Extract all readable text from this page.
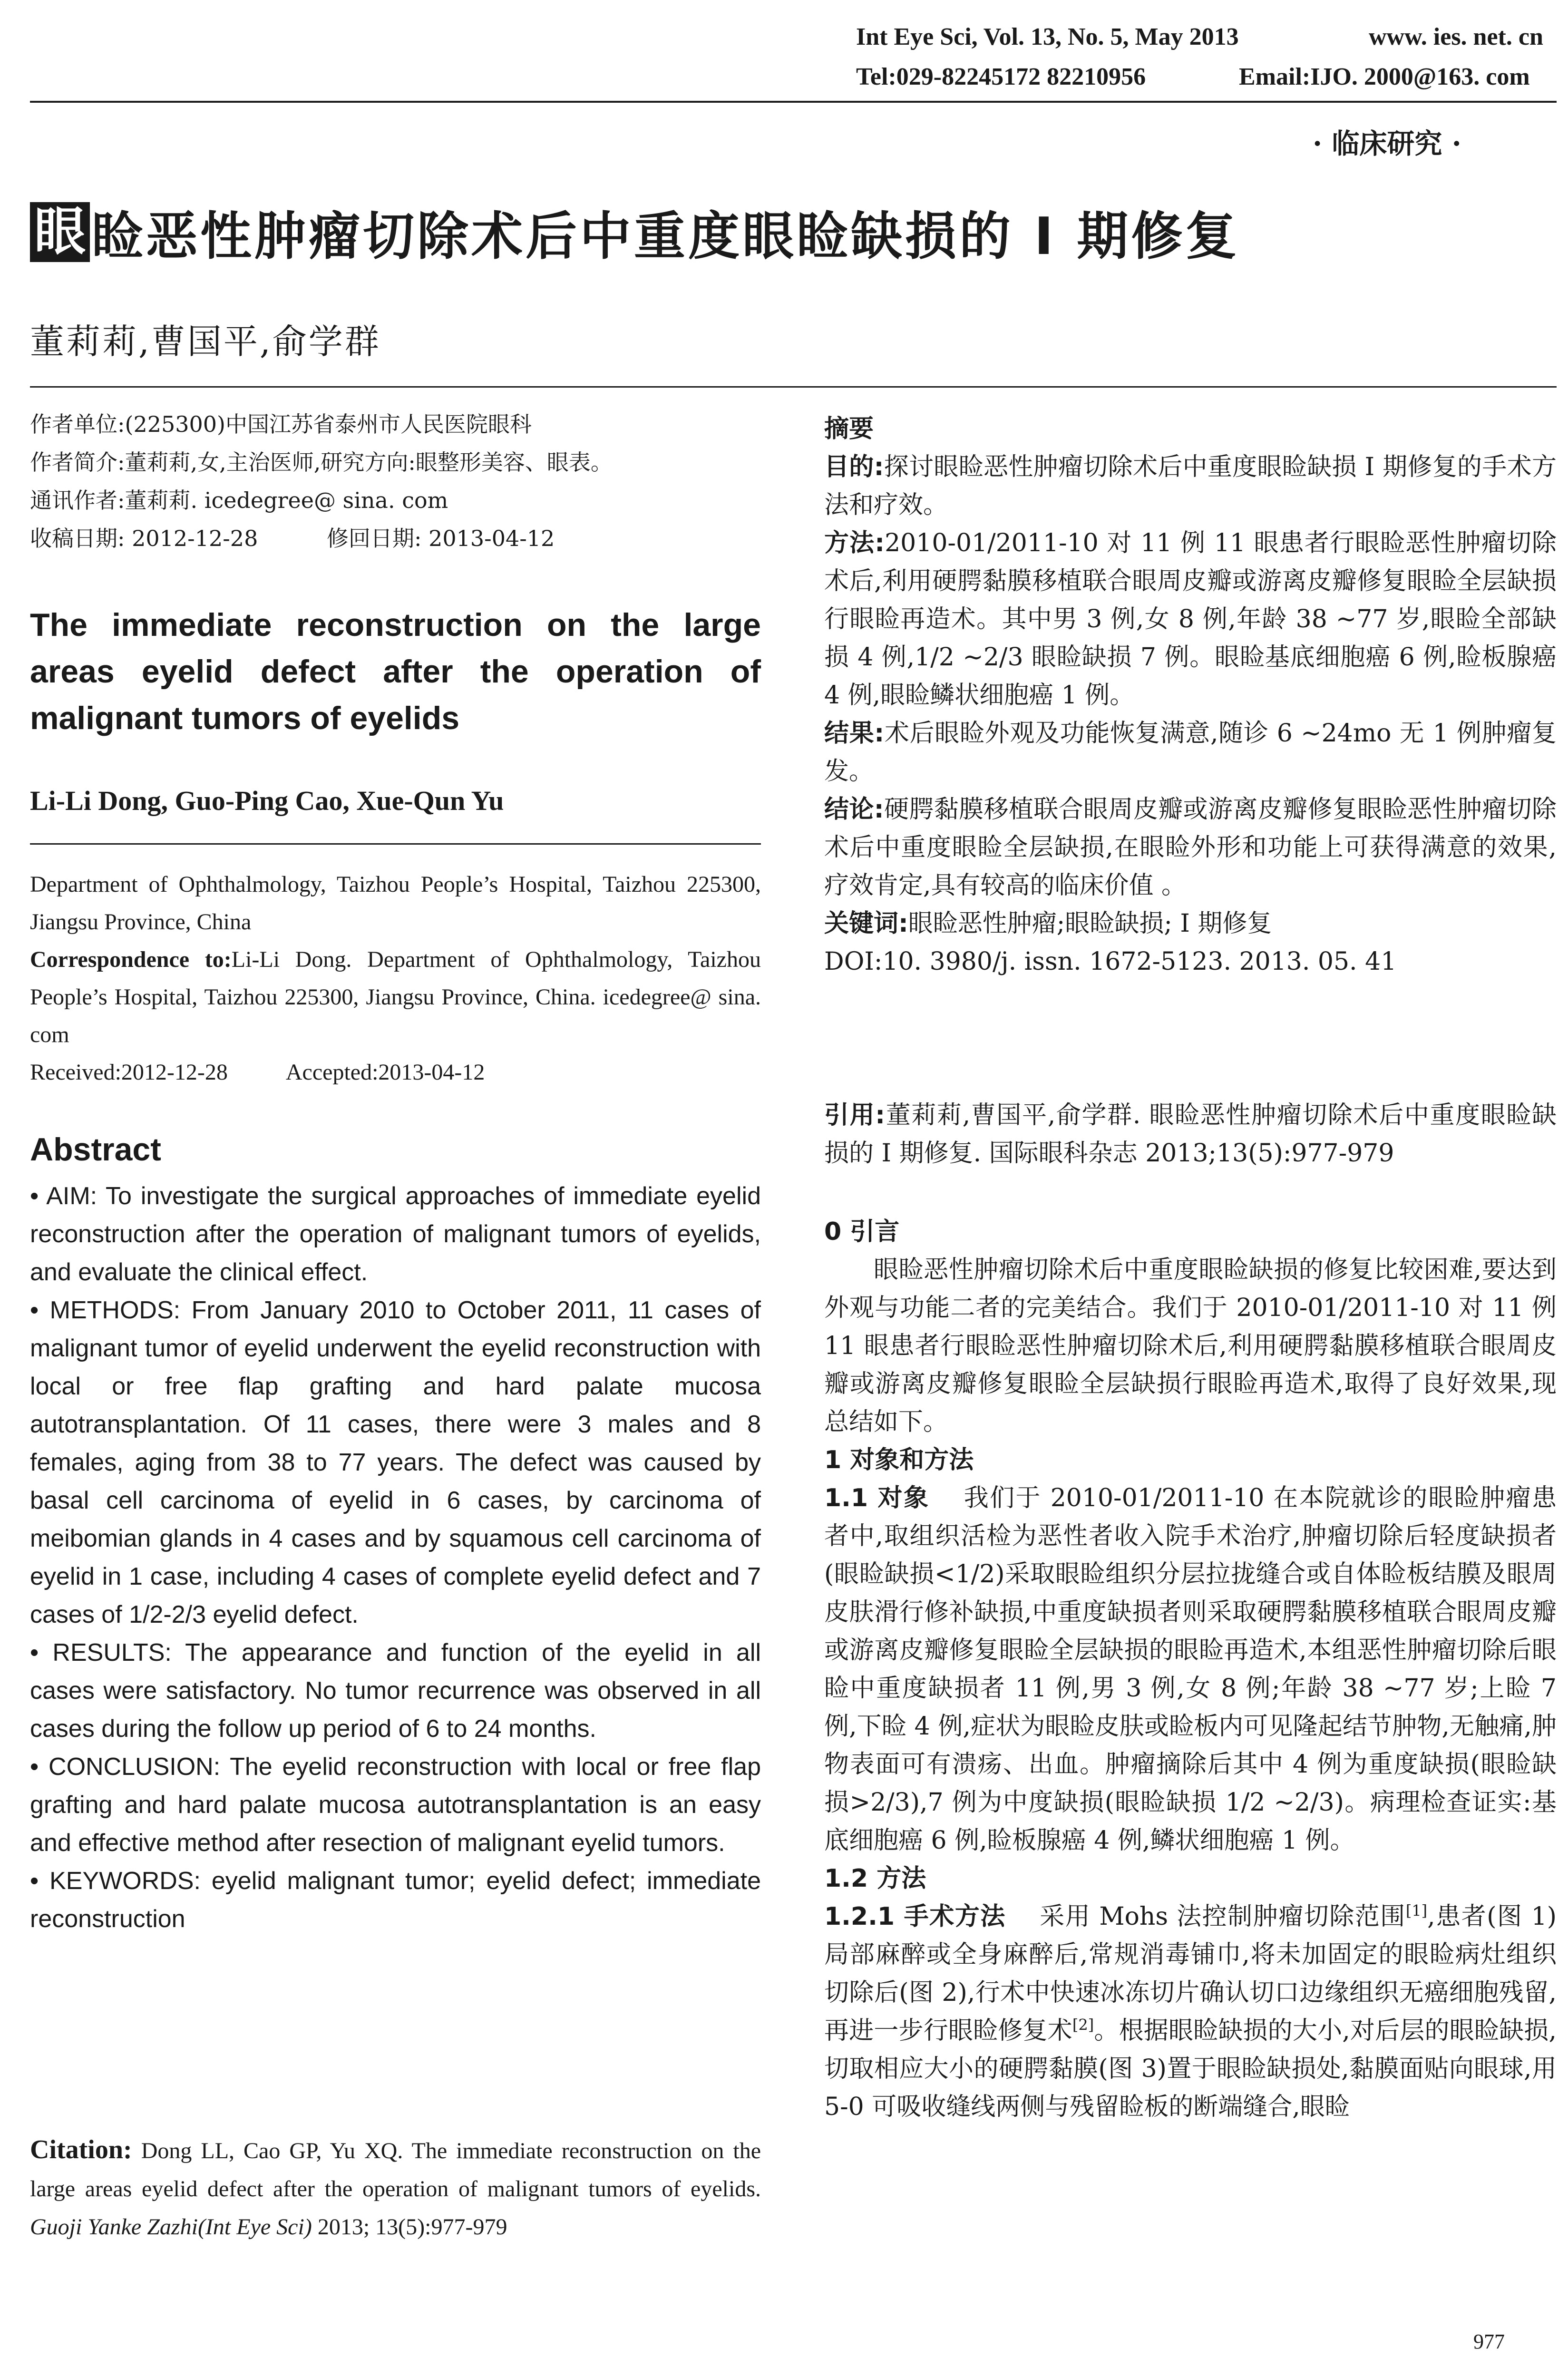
Int Eye Sci, Vol. 13, No. 5, May 2013	www. ies. net. cn
Tel:029-82245172 82210956	Email:IJO. 2000@163. com
· 临床研究 ·
眼 睑恶性肿瘤切除术后中重度眼睑缺损的 I 期修复
董莉莉,曹国平,俞学群
作者单位:(225300)中国江苏省泰州市人民医院眼科
作者简介:董莉莉,女,主治医师,研究方向:眼整形美容、眼表。
通讯作者:董莉莉. icedegree@ sina. com
收稿日期: 2012-12-28	修回日期: 2013-04-12
The immediate reconstruction on the large areas eyelid defect after the operation of malignant tumors of eyelids
Li-Li Dong, Guo-Ping Cao, Xue-Qun Yu
Department of Ophthalmology, Taizhou People’s Hospital, Taizhou 225300, Jiangsu Province, China
Correspondence to:Li-Li Dong. Department of Ophthalmology, Taizhou People’s Hospital, Taizhou 225300, Jiangsu Province, China. icedegree@ sina. com
Received:2012-12-28	Accepted:2013-04-12
Abstract

• AIM: To investigate the surgical approaches of immediate eyelid reconstruction after the operation of malignant tumors of eyelids, and evaluate the clinical effect.

• METHODS: From January 2010 to October 2011, 11 cases of malignant tumor of eyelid underwent the eyelid reconstruction with local or free flap grafting and hard palate mucosa autotransplantation. Of 11 cases, there were 3 males and 8 females, aging from 38 to 77 years. The defect was caused by basal cell carcinoma of eyelid in 6 cases, by carcinoma of meibomian glands in 4 cases and by squamous cell carcinoma of eyelid in 1 case, including 4 cases of complete eyelid defect and 7 cases of 1/2-2/3 eyelid defect.

• RESULTS: The appearance and function of the eyelid in all cases were satisfactory. No tumor recurrence was observed in all cases during the follow up period of 6 to 24 months.

• CONCLUSION: The eyelid reconstruction with local or free flap grafting and hard palate mucosa autotransplantation is an easy and effective method after resection of malignant eyelid tumors.

• KEYWORDS: eyelid malignant tumor; eyelid defect; immediate reconstruction

Citation: Dong LL, Cao GP, Yu XQ. The immediate reconstruction on the large areas eyelid defect after the operation of malignant tumors of eyelids. Guoji Yanke Zazhi(Int Eye Sci) 2013; 13(5):977-979

摘要

目的:探讨眼睑恶性肿瘤切除术后中重度眼睑缺损 I 期修复的手术方法和疗效。

方法:2010-01/2011-10 对 11 例 11 眼患者行眼睑恶性肿瘤切除术后,利用硬腭黏膜移植联合眼周皮瓣或游离皮瓣修复眼睑全层缺损行眼睑再造术。其中男 3 例,女 8 例,年龄 38 ~77 岁,眼睑全部缺损 4 例,1/2 ~2/3 眼睑缺损 7 例。眼睑基底细胞癌 6 例,睑板腺癌 4 例,眼睑鳞状细胞癌 1 例。

结果:术后眼睑外观及功能恢复满意,随诊 6 ~24mo 无 1 例肿瘤复发。

结论:硬腭黏膜移植联合眼周皮瓣或游离皮瓣修复眼睑恶性肿瘤切除术后中重度眼睑全层缺损,在眼睑外形和功能上可获得满意的效果,疗效肯定,具有较高的临床价值 。

关键词:眼睑恶性肿瘤;眼睑缺损; I 期修复

DOI:10. 3980/j. issn. 1672-5123. 2013. 05. 41

引用:董莉莉,曹国平,俞学群. 眼睑恶性肿瘤切除术后中重度眼睑缺损的 I 期修复. 国际眼科杂志 2013;13(5):977-979

0 引言

眼睑恶性肿瘤切除术后中重度眼睑缺损的修复比较困难,要达到外观与功能二者的完美结合。我们于 2010-01/2011-10 对 11 例 11 眼患者行眼睑恶性肿瘤切除术后,利用硬腭黏膜移植联合眼周皮瓣或游离皮瓣修复眼睑全层缺损行眼睑再造术,取得了良好效果,现总结如下。

1 对象和方法

1.1 对象 我们于 2010-01/2011-10 在本院就诊的眼睑肿瘤患者中,取组织活检为恶性者收入院手术治疗,肿瘤切除后轻度缺损者(眼睑缺损<1/2)采取眼睑组织分层拉拢缝合或自体睑板结膜及眼周皮肤滑行修补缺损,中重度缺损者则采取硬腭黏膜移植联合眼周皮瓣或游离皮瓣修复眼睑全层缺损的眼睑再造术,本组恶性肿瘤切除后眼睑中重度缺损者 11 例,男 3 例,女 8 例;年龄 38 ~77 岁;上睑 7 例,下睑 4 例,症状为眼睑皮肤或睑板内可见隆起结节肿物,无触痛,肿物表面可有溃疡、出血。肿瘤摘除后其中 4 例为重度缺损(眼睑缺损>2/3),7 例为中度缺损(眼睑缺损 1/2 ~2/3)。病理检查证实:基底细胞癌 6 例,睑板腺癌 4 例,鳞状细胞癌 1 例。

1.2 方法

1.2.1 手术方法 采用 Mohs 法控制肿瘤切除范围[1],患者(图 1)局部麻醉或全身麻醉后,常规消毒铺巾,将未加固定的眼睑病灶组织切除后(图 2),行术中快速冰冻切片确认切口边缘组织无癌细胞残留,再进一步行眼睑修复术[2]。根据眼睑缺损的大小,对后层的眼睑缺损,切取相应大小的硬腭黏膜(图 3)置于眼睑缺损处,黏膜面贴向眼球,用 5-0 可吸收缝线两侧与残留睑板的断端缝合,眼睑

977
